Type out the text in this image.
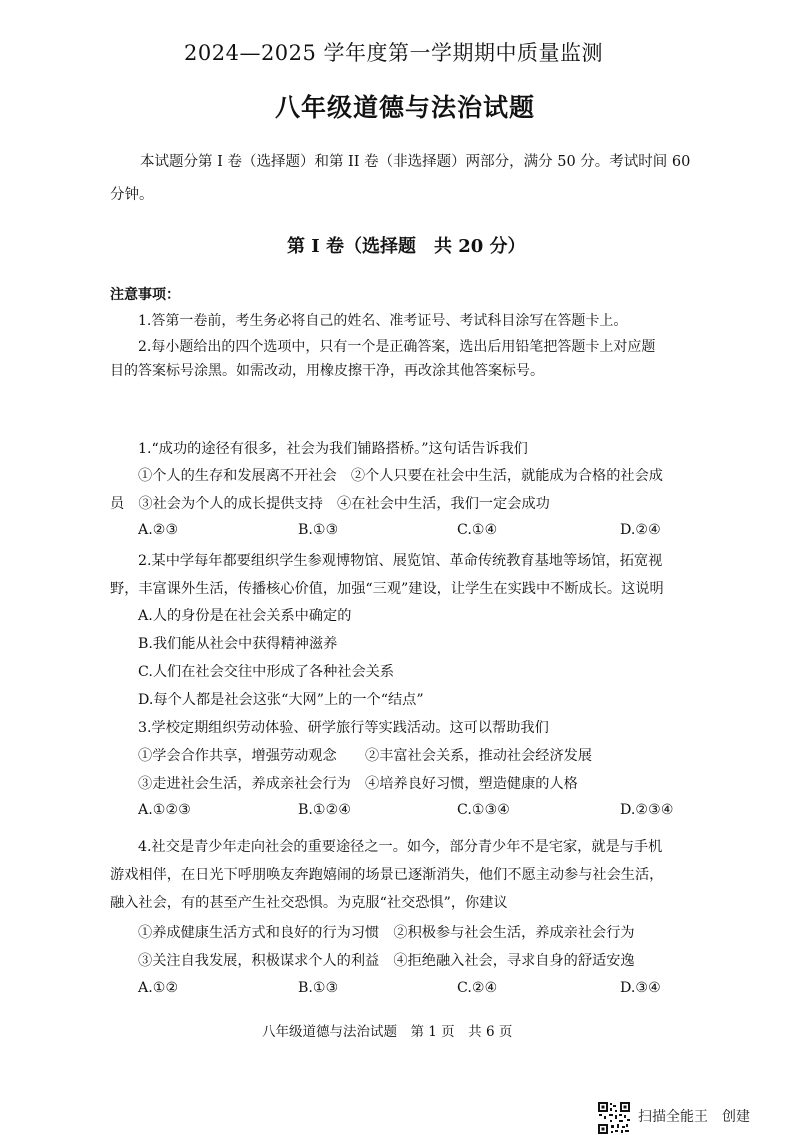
2024—2025 学年度第一学期期中质量监测
八年级道德与法治试题
本试题分第 I 卷（选择题）和第 II 卷（非选择题）两部分，满分 50 分。考试时间 60
分钟。
第 I 卷（选择题　共 20 分）
注意事项：
1.答第一卷前，考生务必将自己的姓名、准考证号、考试科目涂写在答题卡上。
2.每小题给出的四个选项中，只有一个是正确答案，选出后用铅笔把答题卡上对应题
目的答案标号涂黑。如需改动，用橡皮擦干净，再改涂其他答案标号。
1.“成功的途径有很多，社会为我们铺路搭桥。”这句话告诉我们
①个人的生存和发展离不开社会　②个人只要在社会中生活，就能成为合格的社会成
员　③社会为个人的成长提供支持　④在社会中生活，我们一定会成功
A.②③	B.①③	C.①④	D.②④
2.某中学每年都要组织学生参观博物馆、展览馆、革命传统教育基地等场馆，拓宽视
野，丰富课外生活，传播核心价值，加强“三观”建设，让学生在实践中不断成长。这说明
A.人的身份是在社会关系中确定的
B.我们能从社会中获得精神滋养
C.人们在社会交往中形成了各种社会关系
D.每个人都是社会这张“大网”上的一个“结点”
3.学校定期组织劳动体验、研学旅行等实践活动。这可以帮助我们
①学会合作共享，增强劳动观念　　②丰富社会关系，推动社会经济发展
③走进社会生活，养成亲社会行为　④培养良好习惯，塑造健康的人格
A.①②③	B.①②④	C.①③④	D.②③④
4.社交是青少年走向社会的重要途径之一。如今，部分青少年不是宅家，就是与手机
游戏相伴，在日光下呼朋唤友奔跑嬉闹的场景已逐渐消失，他们不愿主动参与社会生活，
融入社会，有的甚至产生社交恐惧。为克服“社交恐惧”，你建议
①养成健康生活方式和良好的行为习惯　②积极参与社会生活，养成亲社会行为
③关注自我发展，积极谋求个人的利益　④拒绝融入社会，寻求自身的舒适安逸
A.①②	B.①③	C.②④	D.③④
八年级道德与法治试题　第 1 页　共 6 页
扫描全能王　创建
